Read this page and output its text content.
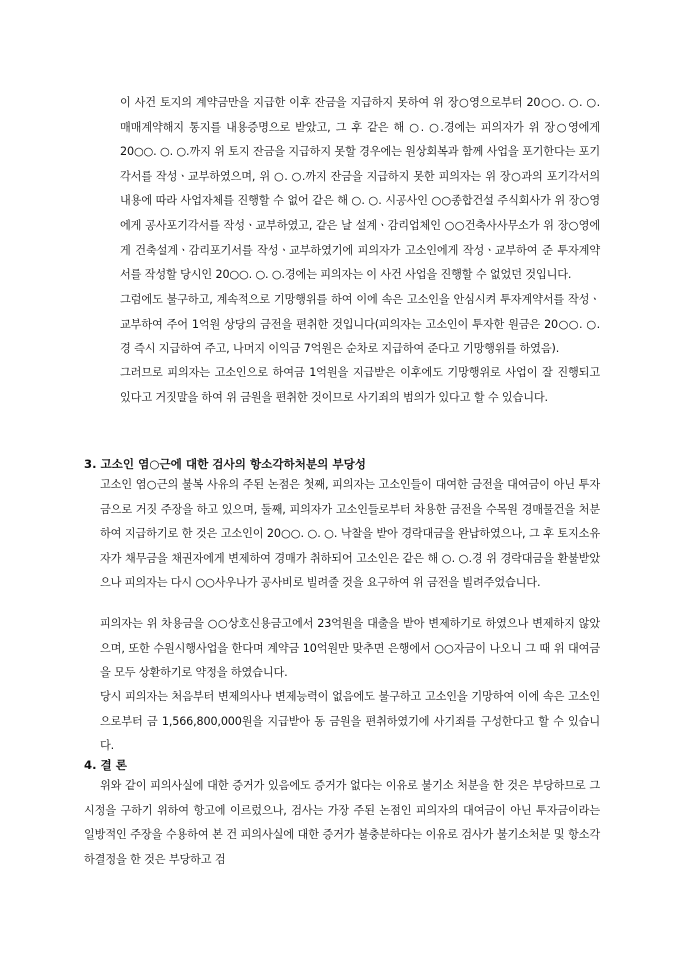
이 사건 토지의 계약금만을 지급한 이후 잔금을 지급하지 못하여 위 장○영으로부터 20○○. ○. ○. 매매계약해지 통지를 내용증명으로 받았고, 그 후 같은 해 ○. ○.경에는 피의자가 위 장○영에게 20○○. ○. ○.까지 위 토지 잔금을 지급하지 못할 경우에는 원상회복과 함께 사업을 포기한다는 포기각서를 작성ㆍ교부하였으며, 위 ○. ○.까지 잔금을 지급하지 못한 피의자는 위 장○과의 포기각서의 내용에 따라 사업자체를 진행할 수 없어 같은 해 ○. ○. 시공사인 ○○종합건설 주식회사가 위 장○영에게 공사포기각서를 작성ㆍ교부하였고, 같은 날 설계ㆍ감리업체인 ○○건축사사무소가 위 장○영에게 건축설계ㆍ감리포기서를 작성ㆍ교부하였기에 피의자가 고소인에게 작성ㆍ교부하여 준 투자계약서를 작성할 당시인 20○○. ○. ○.경에는 피의자는 이 사건 사업을 진행할 수 없었던 것입니다.

그럼에도 불구하고, 계속적으로 기망행위를 하여 이에 속은 고소인을 안심시켜 투자계약서를 작성ㆍ교부하여 주어 1억원 상당의 금전을 편취한 것입니다(피의자는 고소인이 투자한 원금은 20○○. ○.경 즉시 지급하여 주고, 나머지 이익금 7억원은 순차로 지급하여 준다고 기망행위를 하였음).

그러므로 피의자는 고소인으로 하여금 1억원을 지급받은 이후에도 기망행위로 사업이 잘 진행되고 있다고 거짓말을 하여 위 금원을 편취한 것이므로 사기죄의 범의가 있다고 할 수 있습니다.

3. 고소인 염○근에 대한 검사의 항소각하처분의 부당성

고소인 염○근의 불복 사유의 주된 논점은 첫째, 피의자는 고소인들이 대여한 금전을 대여금이 아닌 투자금으로 거짓 주장을 하고 있으며, 둘째, 피의자가 고소인들로부터 차용한 금전을 수목원 경매물건을 처분하여 지급하기로 한 것은 고소인이 20○○. ○. ○. 낙찰을 받아 경락대금을 완납하였으나, 그 후 토지소유자가 채무금을 채권자에게 변제하여 경매가 취하되어 고소인은 같은 해 ○. ○.경 위 경락대금을 환불받았으나 피의자는 다시 ○○사우나가 공사비로 빌려줄 것을 요구하여 위 금전을 빌려주었습니다.

피의자는 위 차용금을 ○○상호신용금고에서 23억원을 대출을 받아 변제하기로 하였으나 변제하지 않았으며, 또한 수원시행사업을 한다며 계약금 10억원만 맞추면 은행에서 ○○자금이 나오니 그 때 위 대여금을 모두 상환하기로 약정을 하였습니다.

당시 피의자는 처음부터 변제의사나 변제능력이 없음에도 불구하고 고소인을 기망하여 이에 속은 고소인으로부터 금 1,566,800,000원을 지급받아 동 금원을 편취하였기에 사기죄를 구성한다고 할 수 있습니다.

4. 결 론

위와 같이 피의사실에 대한 증거가 있음에도 증거가 없다는 이유로 불기소 처분을 한 것은 부당하므로 그 시정을 구하기 위하여 항고에 이르렀으나, 검사는 가장 주된 논점인 피의자의 대여금이 아닌 투자금이라는 일방적인 주장을 수용하여 본 건 피의사실에 대한 증거가 불충분하다는 이유로 검사가 불기소처분 및 항소각하결정을 한 것은 부당하고 검
